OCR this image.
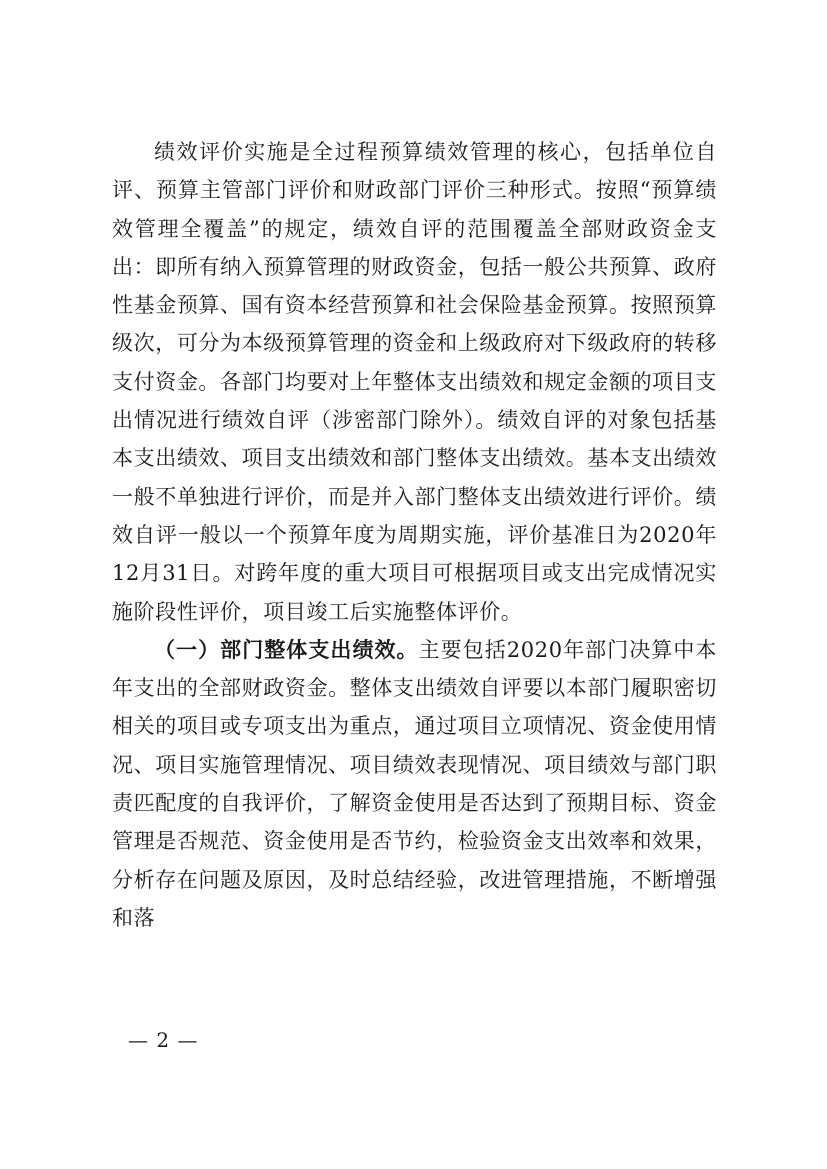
绩效评价实施是全过程预算绩效管理的核心，包括单位自评、预算主管部门评价和财政部门评价三种形式。按照“预算绩效管理全覆盖”的规定，绩效自评的范围覆盖全部财政资金支出：即所有纳入预算管理的财政资金，包括一般公共预算、政府性基金预算、国有资本经营预算和社会保险基金预算。按照预算级次，可分为本级预算管理的资金和上级政府对下级政府的转移支付资金。各部门均要对上年整体支出绩效和规定金额的项目支出情况进行绩效自评（涉密部门除外）。绩效自评的对象包括基本支出绩效、项目支出绩效和部门整体支出绩效。基本支出绩效一般不单独进行评价，而是并入部门整体支出绩效进行评价。绩效自评一般以一个预算年度为周期实施，评价基准日为2020年12月31日。对跨年度的重大项目可根据项目或支出完成情况实施阶段性评价，项目竣工后实施整体评价。

（一）部门整体支出绩效。主要包括2020年部门决算中本年支出的全部财政资金。整体支出绩效自评要以本部门履职密切相关的项目或专项支出为重点，通过项目立项情况、资金使用情况、项目实施管理情况、项目绩效表现情况、项目绩效与部门职责匹配度的自我评价，了解资金使用是否达到了预期目标、资金管理是否规范、资金使用是否节约，检验资金支出效率和效果，分析存在问题及原因，及时总结经验，改进管理措施，不断增强和落

— 2 —
